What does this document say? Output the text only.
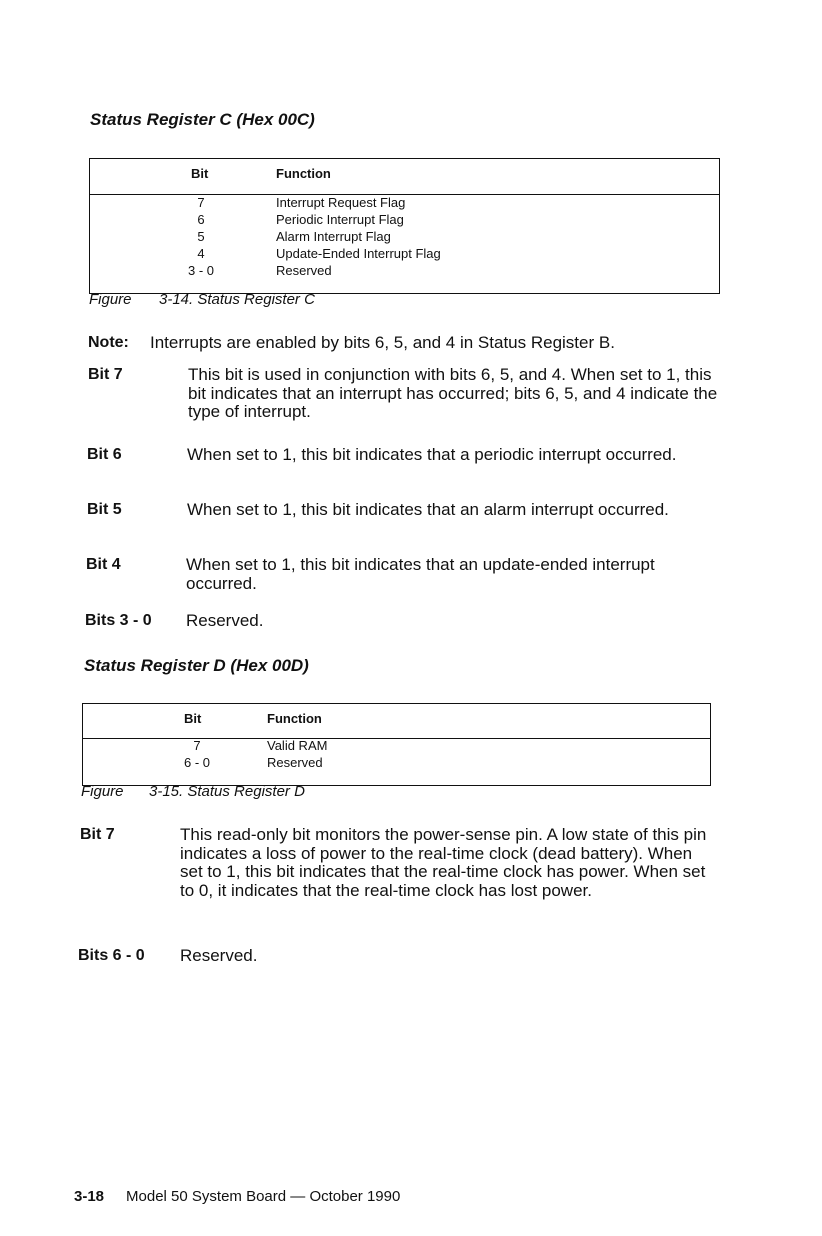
Status Register C (Hex 00C)
Bit	Function
7	Interrupt Request Flag
6	Periodic Interrupt Flag
5	Alarm Interrupt Flag
4	Update-Ended Interrupt Flag
3 - 0	Reserved
Figure 3-14. Status Register C
Note: Interrupts are enabled by bits 6, 5, and 4 in Status Register B.
Bit 7	This bit is used in conjunction with bits 6, 5, and 4. When set to 1, this bit indicates that an interrupt has occurred; bits 6, 5, and 4 indicate the type of interrupt.
Bit 6	When set to 1, this bit indicates that a periodic interrupt occurred.
Bit 5	When set to 1, this bit indicates that an alarm interrupt occurred.
Bit 4	When set to 1, this bit indicates that an update-ended interrupt occurred.
Bits 3 - 0 Reserved.
Status Register D (Hex 00D)
Bit	Function
7	Valid RAM
6 - 0	Reserved
Figure 3-15. Status Register D
Bit 7	This read-only bit monitors the power-sense pin. A low state of this pin indicates a loss of power to the real-time clock (dead battery). When set to 1, this bit indicates that the real-time clock has power. When set to 0, it indicates that the real-time clock has lost power.
Bits 6 - 0 Reserved.
3-18 Model 50 System Board — October 1990
